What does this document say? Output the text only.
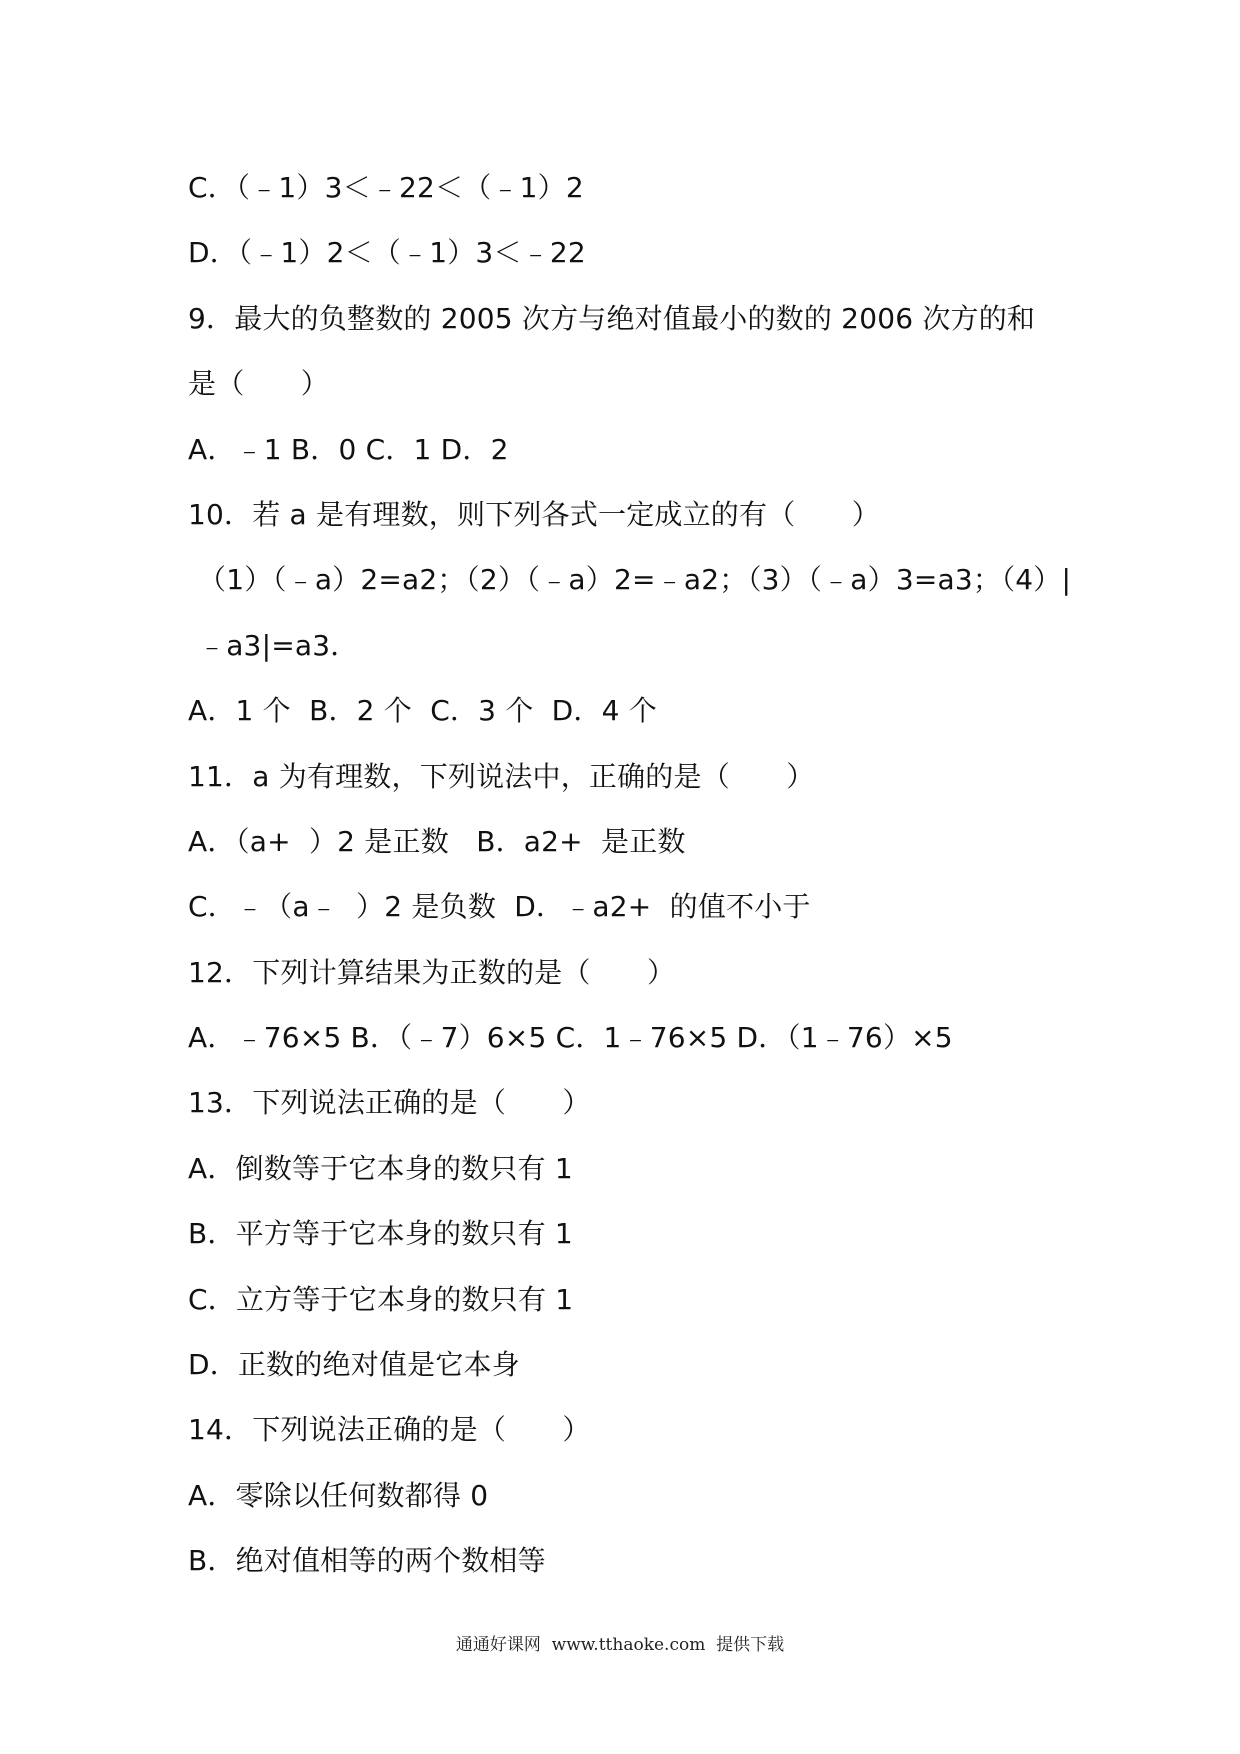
C．（﹣1）3＜﹣22＜（﹣1）2
D．（﹣1）2＜（﹣1）3＜﹣22
9．最大的负整数的 2005 次方与绝对值最小的数的 2006 次方的和
是（　　）
A．﹣1 B．0 C．1 D．2
10．若 a 是有理数，则下列各式一定成立的有（　　）
（1）（﹣a）2=a2；（2）（﹣a）2=﹣a2；（3）（﹣a）3=a3；（4）|
﹣a3|=a3．
A．1 个  B．2 个  C．3 个  D．4 个
11．a 为有理数，下列说法中，正确的是（　　）
A．（a+  ）2 是正数   B．a2+  是正数
C．﹣（a﹣  ）2 是负数  D．﹣a2+  的值不小于
12．下列计算结果为正数的是（　　）
A．﹣76×5 B．（﹣7）6×5 C．1﹣76×5 D．（1﹣76）×5
13．下列说法正确的是（　　）
A．倒数等于它本身的数只有 1
B．平方等于它本身的数只有 1
C．立方等于它本身的数只有 1
D．正数的绝对值是它本身
14．下列说法正确的是（　　）
A．零除以任何数都得 0
B．绝对值相等的两个数相等
通通好课网  www.tthaoke.com  提供下载
